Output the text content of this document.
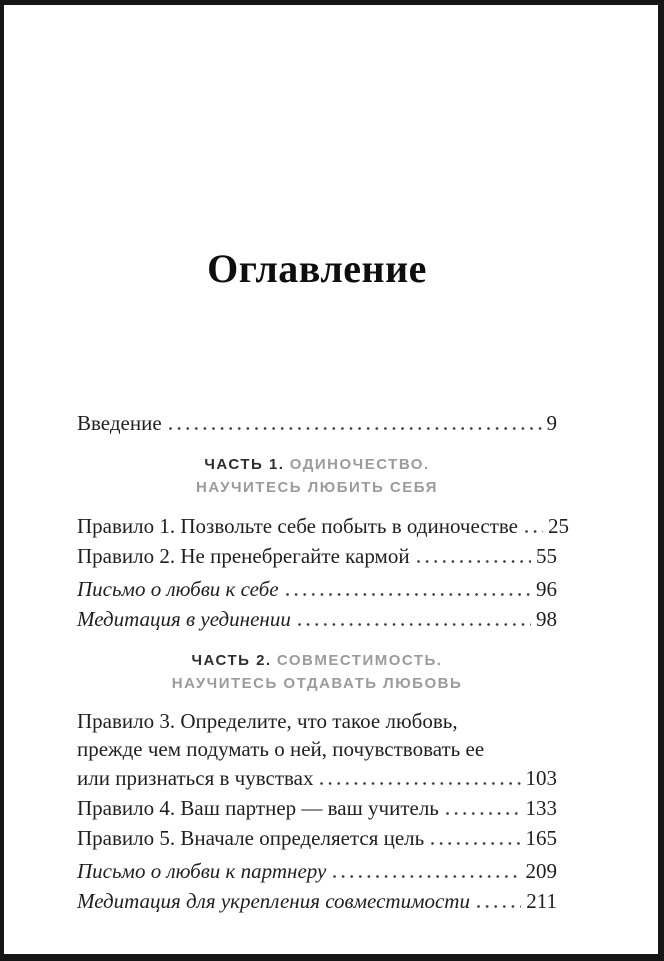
Оглавление
Введение	9
ЧАСТЬ 1. ОДИНОЧЕСТВО.
НАУЧИТЕСЬ ЛЮБИТЬ СЕБЯ
Правило 1. Позвольте себе побыть в одиночестве 25
Правило 2. Не пренебрегайте кармой	55
Письмо о любви к себе	96
Медитация в уединении	98
ЧАСТЬ 2. СОВМЕСТИМОСТЬ.
НАУЧИТЕСЬ ОТДАВАТЬ ЛЮБОВЬ
Правило 3. Определите, что такое любовь,
прежде чем подумать о ней, почувствовать ее
или признаться в чувствах	103
Правило 4. Ваш партнер — ваш учитель	133
Правило 5. Вначале определяется цель	165
Письмо о любви к партнеру	209
Медитация для укрепления совместимости	211
